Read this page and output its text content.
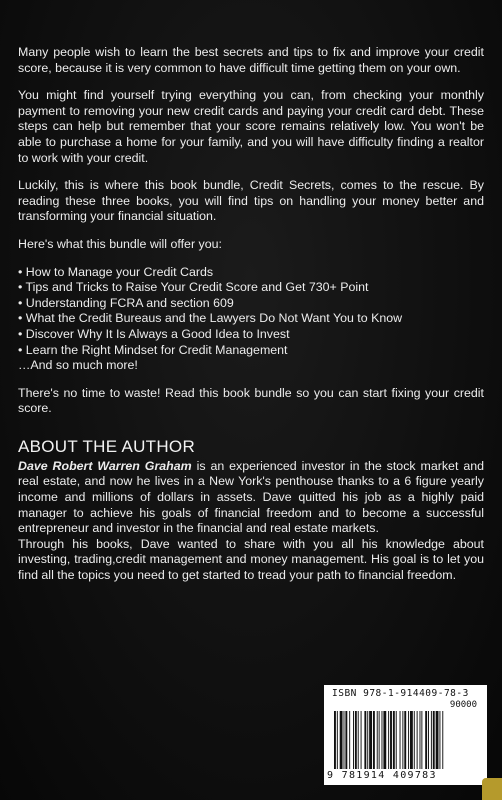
Many people wish to learn the best secrets and tips to fix and improve your credit score, because it is very common to have difficult time getting them on your own.

You might find yourself trying everything you can, from checking your monthly payment to removing your new credit cards and paying your credit card debt. These steps can help but remember that your score remains relatively low. You won't be able to purchase a home for your family, and you will have difficulty finding a realtor to work with your credit.

Luckily, this is where this book bundle, Credit Secrets, comes to the rescue. By reading these three books, you will find tips on handling your money better and transforming your financial situation.

Here's what this bundle will offer you:

• How to Manage your Credit Cards
• Tips and Tricks to Raise Your Credit Score and Get 730+ Point
• Understanding FCRA and section 609
• What the Credit Bureaus and the Lawyers Do Not Want You to Know
• Discover Why It Is Always a Good Idea to Invest
• Learn the Right Mindset for Credit Management
…And so much more!

There's no time to waste! Read this book bundle so you can start fixing your credit score.

ABOUT THE AUTHOR

Dave Robert Warren Graham is an experienced investor in the stock market and real estate, and now he lives in a New York's penthouse thanks to a 6 figure yearly income and millions of dollars in assets. Dave quitted his job as a highly paid manager to achieve his goals of financial freedom and to become a successful entrepreneur and investor in the financial and real estate markets.

Through his books, Dave wanted to share with you all his knowledge about investing, trading,credit management and money management. His goal is to let you find all the topics you need to get started to tread your path to financial freedom.

ISBN 978-1-914409-78-3
90000
9 781914 409783
